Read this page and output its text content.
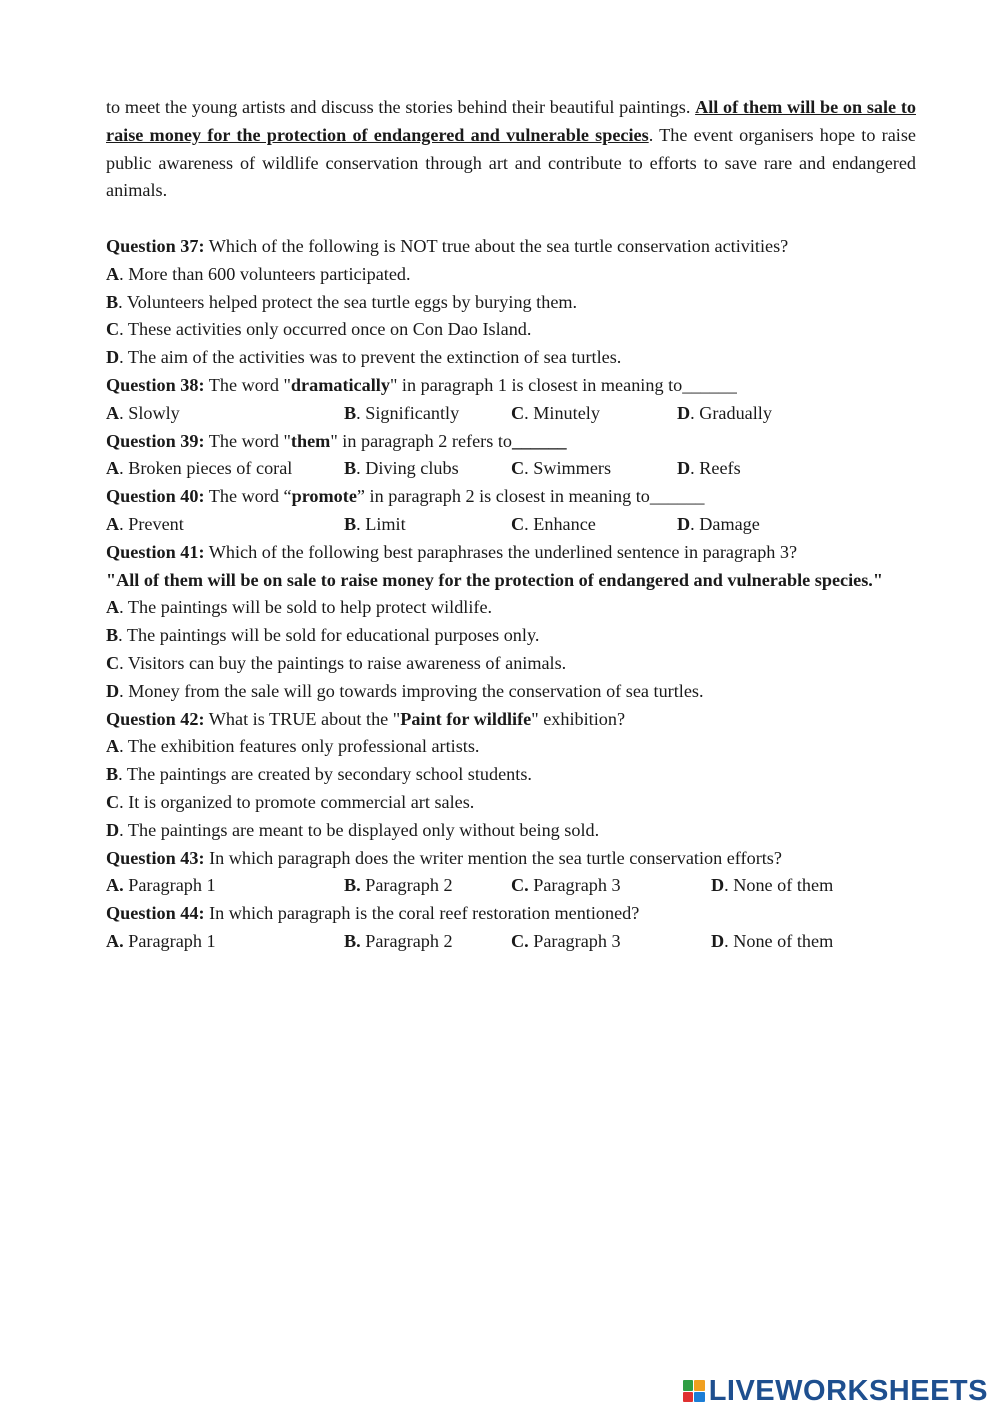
to meet the young artists and discuss the stories behind their beautiful paintings. All of them will be on sale to raise money for the protection of endangered and vulnerable species. The event organisers hope to raise public awareness of wildlife conservation through art and contribute to efforts to save rare and endangered animals.

Question 37: Which of the following is NOT true about the sea turtle conservation activities?
A. More than 600 volunteers participated.
B. Volunteers helped protect the sea turtle eggs by burying them.
C. These activities only occurred once on Con Dao Island.
D. The aim of the activities was to prevent the extinction of sea turtles.
Question 38: The word "dramatically" in paragraph 1 is closest in meaning to______
A. Slowly	B. Significantly	C. Minutely	D. Gradually
Question 39: The word "them" in paragraph 2 refers to______
A. Broken pieces of coral	B. Diving clubs	C. Swimmers	D. Reefs
Question 40: The word “promote” in paragraph 2 is closest in meaning to______
A. Prevent	B. Limit	C. Enhance	D. Damage
Question 41: Which of the following best paraphrases the underlined sentence in paragraph 3?

"All of them will be on sale to raise money for the protection of endangered and vulnerable species."

A. The paintings will be sold to help protect wildlife.
B. The paintings will be sold for educational purposes only.
C. Visitors can buy the paintings to raise awareness of animals.
D. Money from the sale will go towards improving the conservation of sea turtles.
Question 42: What is TRUE about the "Paint for wildlife" exhibition?
A. The exhibition features only professional artists.
B. The paintings are created by secondary school students.
C. It is organized to promote commercial art sales.
D. The paintings are meant to be displayed only without being sold.
Question 43: In which paragraph does the writer mention the sea turtle conservation efforts?
A. Paragraph 1	B. Paragraph 2	C. Paragraph 3	D. None of them
Question 44: In which paragraph is the coral reef restoration mentioned?
A. Paragraph 1	B. Paragraph 2	C. Paragraph 3	D. None of them
LIVEWORKSHEETS
